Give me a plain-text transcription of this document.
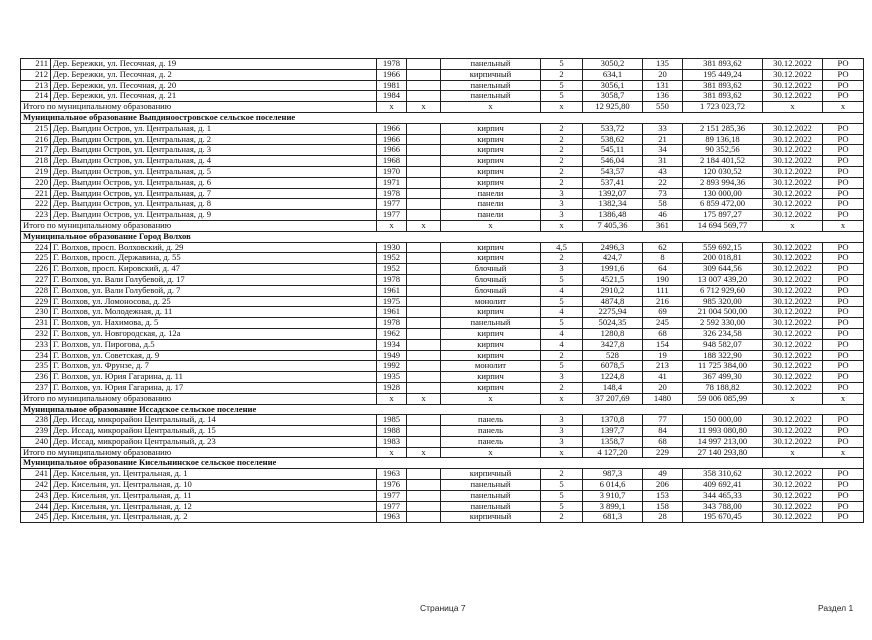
211	Дер. Бережки, ул. Песочная, д. 19	1978		панельный	5	3050,2	135	381 893,62	30.12.2022	РО
212	Дер. Бережки, ул. Песочная, д. 2	1966		кирпичный	2	634,1	20	195 449,24	30.12.2022	РО
213	Дер. Бережки, ул. Песочная, д. 20	1981		панельный	5	3056,1	131	381 893,62	30.12.2022	РО
214	Дер. Бережки, ул. Песочная, д. 21	1984		панельный	5	3058,7	136	381 893,62	30.12.2022	РО
Итого по муниципальному образованию		x	x	x	x	12 925,80	550	1 723 023,72	x	x
Муниципальное образование Выпдиноостровское сельское поселение										
215	Дер. Выпдин Остров, ул. Центральная, д. 1	1966		кирпич	2	533,72	33	2 151 285,36	30.12.2022	РО
216	Дер. Выпдин Остров, ул. Центральная, д. 2	1966		кирпич	2	538,62	21	89 136,18	30.12.2022	РО
217	Дер. Выпдин Остров, ул. Центральная, д. 3	1966		кирпич	2	545,11	34	90 352,56	30.12.2022	РО
218	Дер. Выпдин Остров, ул. Центральная, д. 4	1968		кирпич	2	546,04	31	2 184 401,52	30.12.2022	РО
219	Дер. Выпдин Остров, ул. Центральная, д. 5	1970		кирпич	2	543,57	43	120 030,52	30.12.2022	РО
220	Дер. Выпдин Остров, ул. Центральная, д. 6	1971		кирпич	2	537,41	22	2 893 994,36	30.12.2022	РО
221	Дер. Выпдин Остров, ул. Центральная, д. 7	1978		панели	3	1392,07	73	130 000,00	30.12.2022	РО
222	Дер. Выпдин Остров, ул. Центральная, д. 8	1977		панели	3	1382,34	58	6 859 472,00	30.12.2022	РО
223	Дер. Выпдин Остров, ул. Центральная, д. 9	1977		панели	3	1386,48	46	175 897,27	30.12.2022	РО
Итого по муниципальному образованию		x	x	x	x	7 405,36	361	14 694 569,77	x	x
Муниципальное образование Город Волхов										
224	Г. Волхов, просп. Волховский, д. 29	1930		кирпич	4,5	2496,3	62	559 692,15	30.12.2022	РО
225	Г. Волхов, просп. Державина, д. 55	1952		кирпич	2	424,7	8	200 018,81	30.12.2022	РО
226	Г. Волхов, просп. Кировский, д. 47	1952		блочный	3	1991,6	64	309 644,56	30.12.2022	РО
227	Г. Волхов, ул. Вали Голубевой, д. 17	1978		блочный	5	4521,5	190	13 007 439,20	30.12.2022	РО
228	Г. Волхов, ул. Вали Голубевой, д. 7	1961		блочный	4	2910,2	111	6 712 929,60	30.12.2022	РО
229	Г. Волхов, ул. Ломоносова, д. 25	1975		монолит	5	4874,8	216	985 320,00	30.12.2022	РО
230	Г. Волхов, ул. Молодежная, д. 11	1961		кирпич	4	2275,94	69	21 004 500,00	30.12.2022	РО
231	Г. Волхов, ул. Нахимова, д. 5	1978		панельный	5	5024,35	245	2 592 330,00	30.12.2022	РО
232	Г. Волхов, ул. Новгородская, д. 12а	1962		кирпич	4	1280,8	68	326 234,58	30.12.2022	РО
233	Г. Волхов, ул. Пирогова, д.5	1934		кирпич	4	3427,8	154	948 582,07	30.12.2022	РО
234	Г. Волхов, ул. Советская, д. 9	1949		кирпич	2	528	19	188 322,90	30.12.2022	РО
235	Г. Волхов, ул. Фрунзе, д. 7	1992		монолит	5	6078,5	213	11 725 384,00	30.12.2022	РО
236	Г. Волхов, ул. Юрия Гагарина, д. 11	1935		кирпич	3	1224,8	41	367 499,30	30.12.2022	РО
237	Г. Волхов, ул. Юрия Гагарина, д. 17	1928		кирпич	2	148,4	20	78 188,82	30.12.2022	РО
Итого по муниципальному образованию		x	x	x	x	37 207,69	1480	59 006 085,99	x	x
Муниципальное образование Иссадское сельское поселение										
238	Дер. Иссад, микрорайон Центральный, д. 14	1985		панель	3	1370,8	77	150 000,00	30.12.2022	РО
239	Дер. Иссад, микрорайон Центральный, д. 15	1988		панель	3	1397,7	84	11 993 080,80	30.12.2022	РО
240	Дер. Иссад, микрорайон Центральный, д. 23	1983		панель	3	1358,7	68	14 997 213,00	30.12.2022	РО
Итого по муниципальному образованию		x	x	x	x	4 127,20	229	27 140 293,80	x	x
Муниципальное образование Кисельнинское сельское поселение										
241	Дер. Кисельня, ул. Центральная, д. 1	1963		кирпичный	2	987,3	49	358 310,62	30.12.2022	РО
242	Дер. Кисельня, ул. Центральная, д. 10	1976		панельный	5	6 014,6	206	409 692,41	30.12.2022	РО
243	Дер. Кисельня, ул. Центральная, д. 11	1977		панельный	5	3 910,7	153	344 465,33	30.12.2022	РО
244	Дер. Кисельня, ул. Центральная, д. 12	1977		панельный	5	3 899,1	158	343 788,00	30.12.2022	РО
245	Дер. Кисельня, ул. Центральная, д. 2	1963		кирпичный	2	681,3	28	195 670,45	30.12.2022	РО
Страница 7	Раздел 1
